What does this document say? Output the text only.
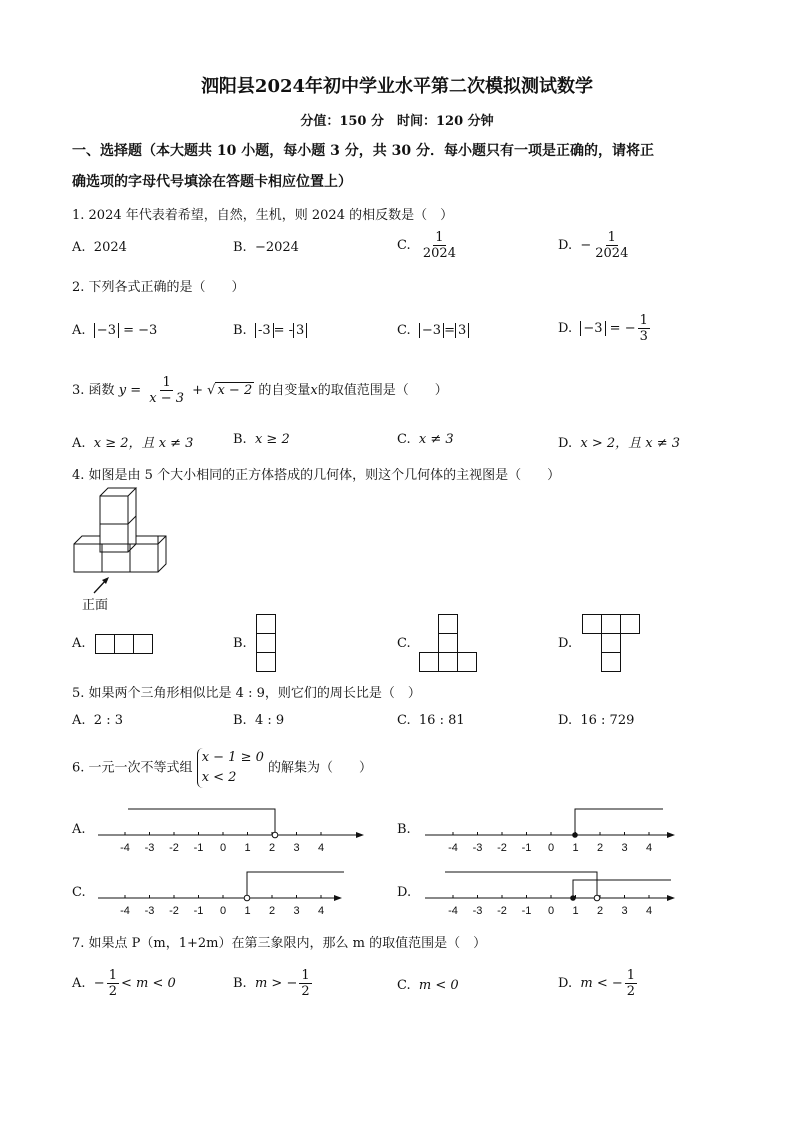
泗阳县2024年初中学业水平第二次模拟测试数学
分值：150 分　时间：120 分钟
一、选择题（本大题共 10 小题，每小题 3 分，共 30 分．每小题只有一项是正确的，请将正
确选项的字母代号填涂在答题卡相应位置上）
1. 2024 年代表着希望，自然，生机，则 2024 的相反数是（　）
A. 2024	B. −2024	C. $\frac{1}{2024}$	D. − $\frac{1}{2024}$
2. 下列各式正确的是（　　）
A. −3 = −3	B. -3 = - 3	C. −3 = 3	D. −3 = − $\frac{1}{3}$
3. 函数 $y = \frac{1}{x - 3}$ + √ x − 2 的自变量x的取值范围是（　　）
A. x ≥ 2，且 x ≠ 3	B. x ≥ 2	C. x ≠ 3	D. x > 2，且 x ≠ 3
4. 如图是由 5 个大小相同的正方体搭成的几何体，则这个几何体的主视图是（　　）
正面
A.	B.	C.	D.
5. 如果两个三角形相似比是 4 : 9，则它们的周长比是（　）
A. 2 : 3	B. 4 : 9	C. 16 : 81	D. 16 : 729
6. 一元一次不等式组
x − 1 ≥ 0
x < 2
的解集为（　　）
A.
-4 -3 -2 -1 0 1 2 3 4
B.
-4 -3 -2 -1 0 1 2 3 4
C.
-4 -3 -2 -1 0 1 2 3 4
D.
-4 -3 -2 -1 0 1 2 3 4
7. 如果点 P（m，1+2m）在第三象限内，那么 m 的取值范围是（　）
A. − $\frac{1}{2} < m < 0$	B. m > − $\frac{1}{2}$	C. m < 0	D. m < − $\frac{1}{2}$
